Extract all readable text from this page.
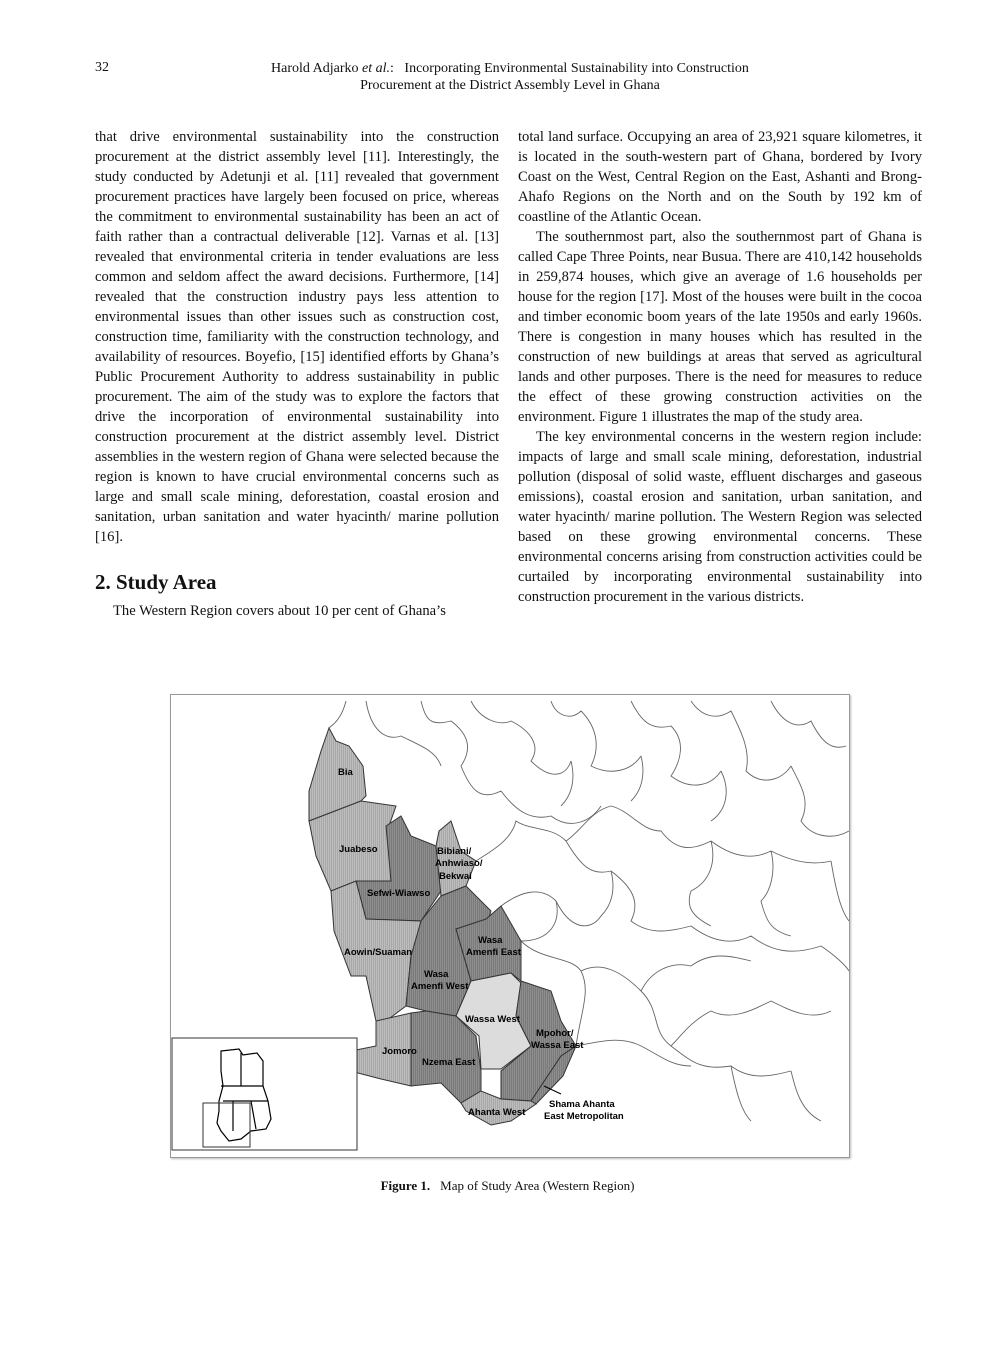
32	Harold Adjarko et al.:   Incorporating Environmental Sustainability into Construction
Procurement at the District Assembly Level in Ghana

that drive environmental sustainability into the construction procurement at the district assembly level [11]. Interestingly, the study conducted by Adetunji et al. [11] revealed that government procurement practices have largely been focused on price, whereas the commitment to environmental sustainability has been an act of faith rather than a contractual deliverable [12]. Varnas et al. [13] revealed that environmental criteria in tender evaluations are less common and seldom affect the award decisions. Furthermore, [14] revealed that the construction industry pays less attention to environmental issues than other issues such as construction cost, construction time, familiarity with the construction technology, and availability of resources. Boyefio, [15] identified efforts by Ghana’s Public Procurement Authority to address sustainability in public procurement. The aim of the study was to explore the factors that drive the incorporation of environmental sustainability into construction procurement at the district assembly level. District assemblies in the western region of Ghana were selected because the region is known to have crucial environmental concerns such as large and small scale mining, deforestation, coastal erosion and sanitation, urban sanitation and water hyacinth/ marine pollution [16].

2. Study Area

The Western Region covers about 10 per cent of Ghana’s

total land surface. Occupying an area of 23,921 square kilometres, it is located in the south-western part of Ghana, bordered by Ivory Coast on the West, Central Region on the East, Ashanti and Brong-Ahafo Regions on the North and on the South by 192 km of coastline of the Atlantic Ocean.

The southernmost part, also the southernmost part of Ghana is called Cape Three Points, near Busua. There are 410,142 households in 259,874 houses, which give an average of 1.6 households per house for the region [17]. Most of the houses were built in the cocoa and timber economic boom years of the late 1950s and early 1960s. There is congestion in many houses which has resulted in the construction of new buildings at areas that served as agricultural lands and other purposes. There is the need for measures to reduce the effect of these growing construction activities on the environment. Figure 1 illustrates the map of the study area.

The key environmental concerns in the western region include: impacts of large and small scale mining, deforestation, industrial pollution (disposal of solid waste, effluent discharges and gaseous emissions), coastal erosion and sanitation, urban sanitation, and water hyacinth/ marine pollution. The Western Region was selected based on these growing environmental concerns. These environmental concerns arising from construction activities could be curtailed by incorporating environmental sustainability into construction procurement in the various districts.

Bia
Juabeso
Sefwi-Wiawso
Bibiani/
Anhwiaso/
Bekwai
Aowin/Suaman
Wasa
Amenfi East
Wasa
Amenfi West
Wassa West
Mpohor/
Wassa East
Jomoro
Nzema East
Ahanta West
Shama Ahanta
East Metropolitan
Figure 1. Map of Study Area (Western Region)
